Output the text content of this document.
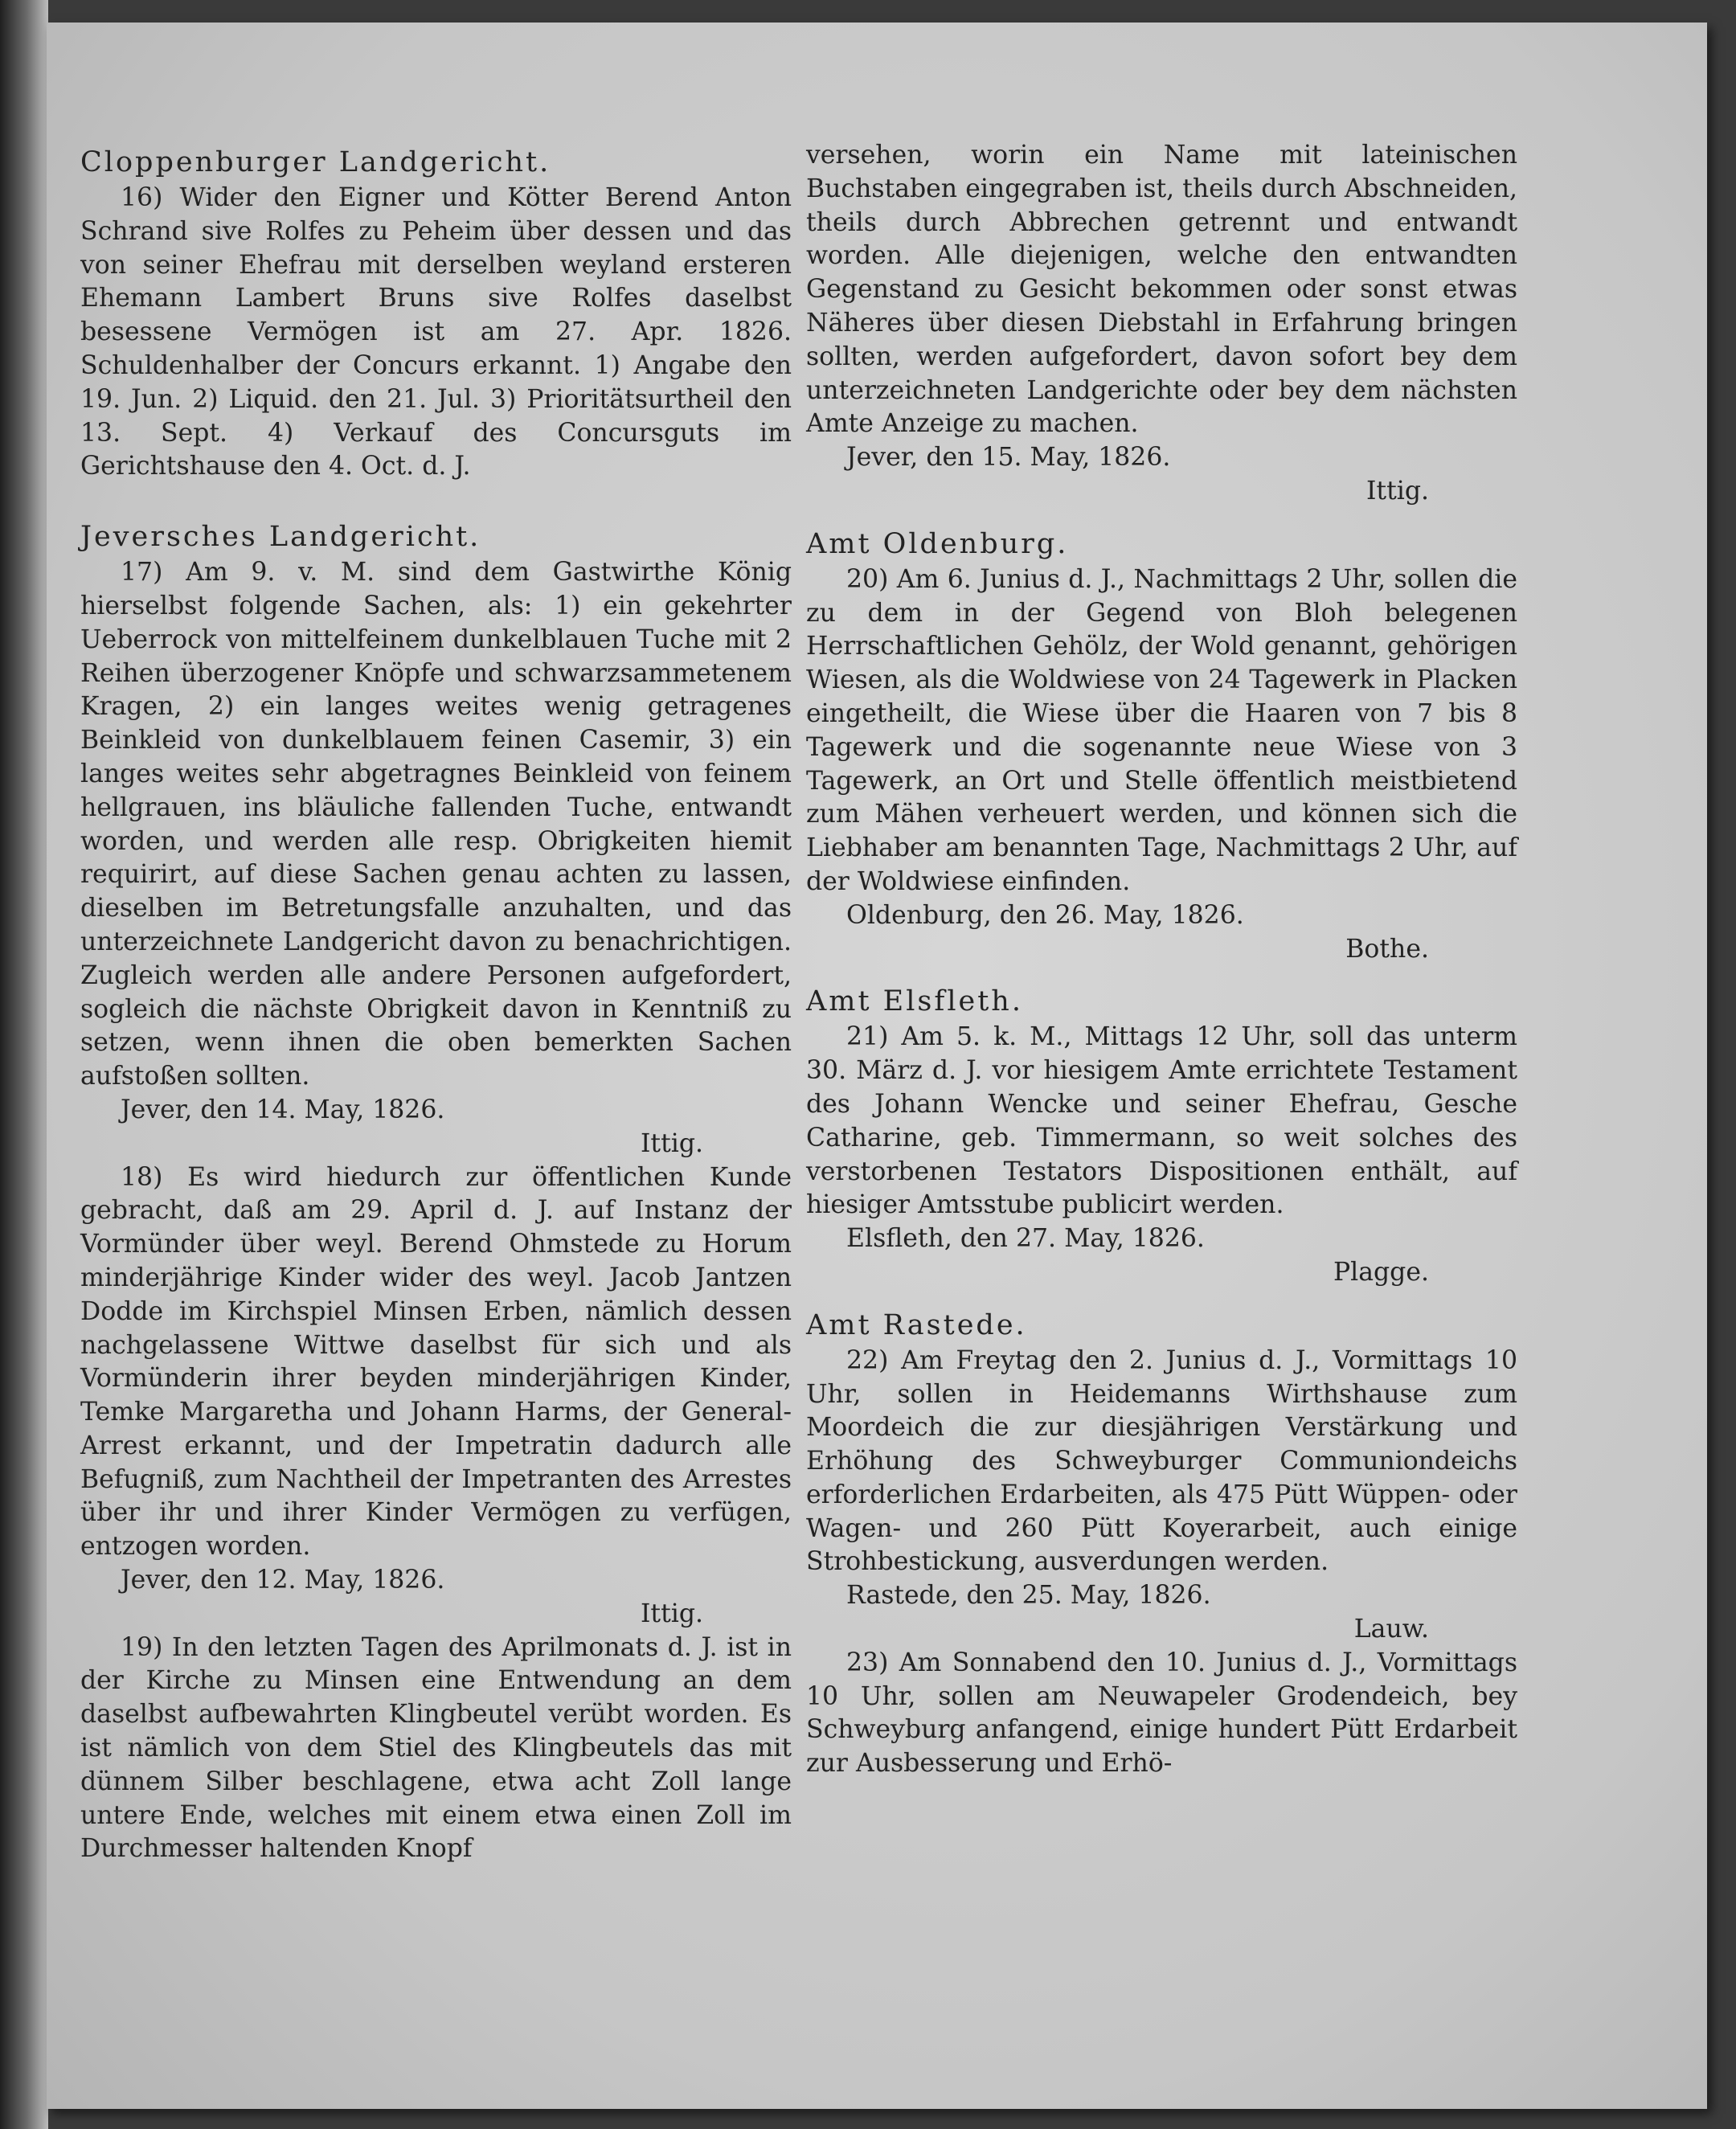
Cloppenburger Landgericht.

16) Wider den Eigner und Kötter Berend Anton Schrand sive Rolfes zu Peheim über dessen und das von seiner Ehefrau mit derselben weyland ersteren Ehemann Lambert Bruns sive Rolfes daselbst besessene Vermögen ist am 27. Apr. 1826. Schuldenhalber der Concurs erkannt. 1) Angabe den 19. Jun. 2) Liquid. den 21. Jul. 3) Prioritätsurtheil den 13. Sept. 4) Verkauf des Concursguts im Gerichtshause den 4. Oct. d. J.

Jeversches Landgericht.

17) Am 9. v. M. sind dem Gastwirthe König hierselbst folgende Sachen, als: 1) ein gekehrter Ueberrock von mittelfeinem dunkelblauen Tuche mit 2 Reihen überzogener Knöpfe und schwarzsammetenem Kragen, 2) ein langes weites wenig getragenes Beinkleid von dunkelblauem feinen Casemir, 3) ein langes weites sehr abgetragnes Beinkleid von feinem hellgrauen, ins bläuliche fallenden Tuche, entwandt worden, und werden alle resp. Obrigkeiten hiemit requirirt, auf diese Sachen genau achten zu lassen, dieselben im Betretungsfalle anzuhalten, und das unterzeichnete Landgericht davon zu benachrichtigen. Zugleich werden alle andere Personen aufgefordert, sogleich die nächste Obrigkeit davon in Kenntniß zu setzen, wenn ihnen die oben bemerkten Sachen aufstoßen sollten.

Jever, den 14. May, 1826.

Ittig.

18) Es wird hiedurch zur öffentlichen Kunde gebracht, daß am 29. April d. J. auf Instanz der Vormünder über weyl. Berend Ohmstede zu Horum minderjährige Kinder wider des weyl. Jacob Jantzen Dodde im Kirchspiel Minsen Erben, nämlich dessen nachgelassene Wittwe daselbst für sich und als Vormünderin ihrer beyden minderjährigen Kinder, Temke Margaretha und Johann Harms, der General-Arrest erkannt, und der Impetratin dadurch alle Befugniß, zum Nachtheil der Impetranten des Arrestes über ihr und ihrer Kinder Vermögen zu verfügen, entzogen worden.

Jever, den 12. May, 1826.

Ittig.

19) In den letzten Tagen des Aprilmonats d. J. ist in der Kirche zu Minsen eine Entwendung an dem daselbst aufbewahrten Klingbeutel verübt worden. Es ist nämlich von dem Stiel des Klingbeutels das mit dünnem Silber beschlagene, etwa acht Zoll lange untere Ende, welches mit einem etwa einen Zoll im Durchmesser haltenden Knopf

versehen, worin ein Name mit lateinischen Buchstaben eingegraben ist, theils durch Abschneiden, theils durch Abbrechen getrennt und entwandt worden. Alle diejenigen, welche den entwandten Gegenstand zu Gesicht bekommen oder sonst etwas Näheres über diesen Diebstahl in Erfahrung bringen sollten, werden aufgefordert, davon sofort bey dem unterzeichneten Landgerichte oder bey dem nächsten Amte Anzeige zu machen.

Jever, den 15. May, 1826.

Ittig.

Amt Oldenburg.

20) Am 6. Junius d. J., Nachmittags 2 Uhr, sollen die zu dem in der Gegend von Bloh belegenen Herrschaftlichen Gehölz, der Wold genannt, gehörigen Wiesen, als die Woldwiese von 24 Tagewerk in Placken eingetheilt, die Wiese über die Haaren von 7 bis 8 Tagewerk und die sogenannte neue Wiese von 3 Tagewerk, an Ort und Stelle öffentlich meistbietend zum Mähen verheuert werden, und können sich die Liebhaber am benannten Tage, Nachmittags 2 Uhr, auf der Woldwiese einfinden.

Oldenburg, den 26. May, 1826.

Bothe.

Amt Elsfleth.

21) Am 5. k. M., Mittags 12 Uhr, soll das unterm 30. März d. J. vor hiesigem Amte errichtete Testament des Johann Wencke und seiner Ehefrau, Gesche Catharine, geb. Timmermann, so weit solches des verstorbenen Testators Dispositionen enthält, auf hiesiger Amtsstube publicirt werden.

Elsfleth, den 27. May, 1826.

Plagge.

Amt Rastede.

22) Am Freytag den 2. Junius d. J., Vormittags 10 Uhr, sollen in Heidemanns Wirthshause zum Moordeich die zur diesjährigen Verstärkung und Erhöhung des Schweyburger Communiondeichs erforderlichen Erdarbeiten, als 475 Pütt Wüppen- oder Wagen- und 260 Pütt Koyerarbeit, auch einige Strohbestickung, ausverdungen werden.

Rastede, den 25. May, 1826.

Lauw.

23) Am Sonnabend den 10. Junius d. J., Vormittags 10 Uhr, sollen am Neuwapeler Grodendeich, bey Schweyburg anfangend, einige hundert Pütt Erdarbeit zur Ausbesserung und Erhö-
